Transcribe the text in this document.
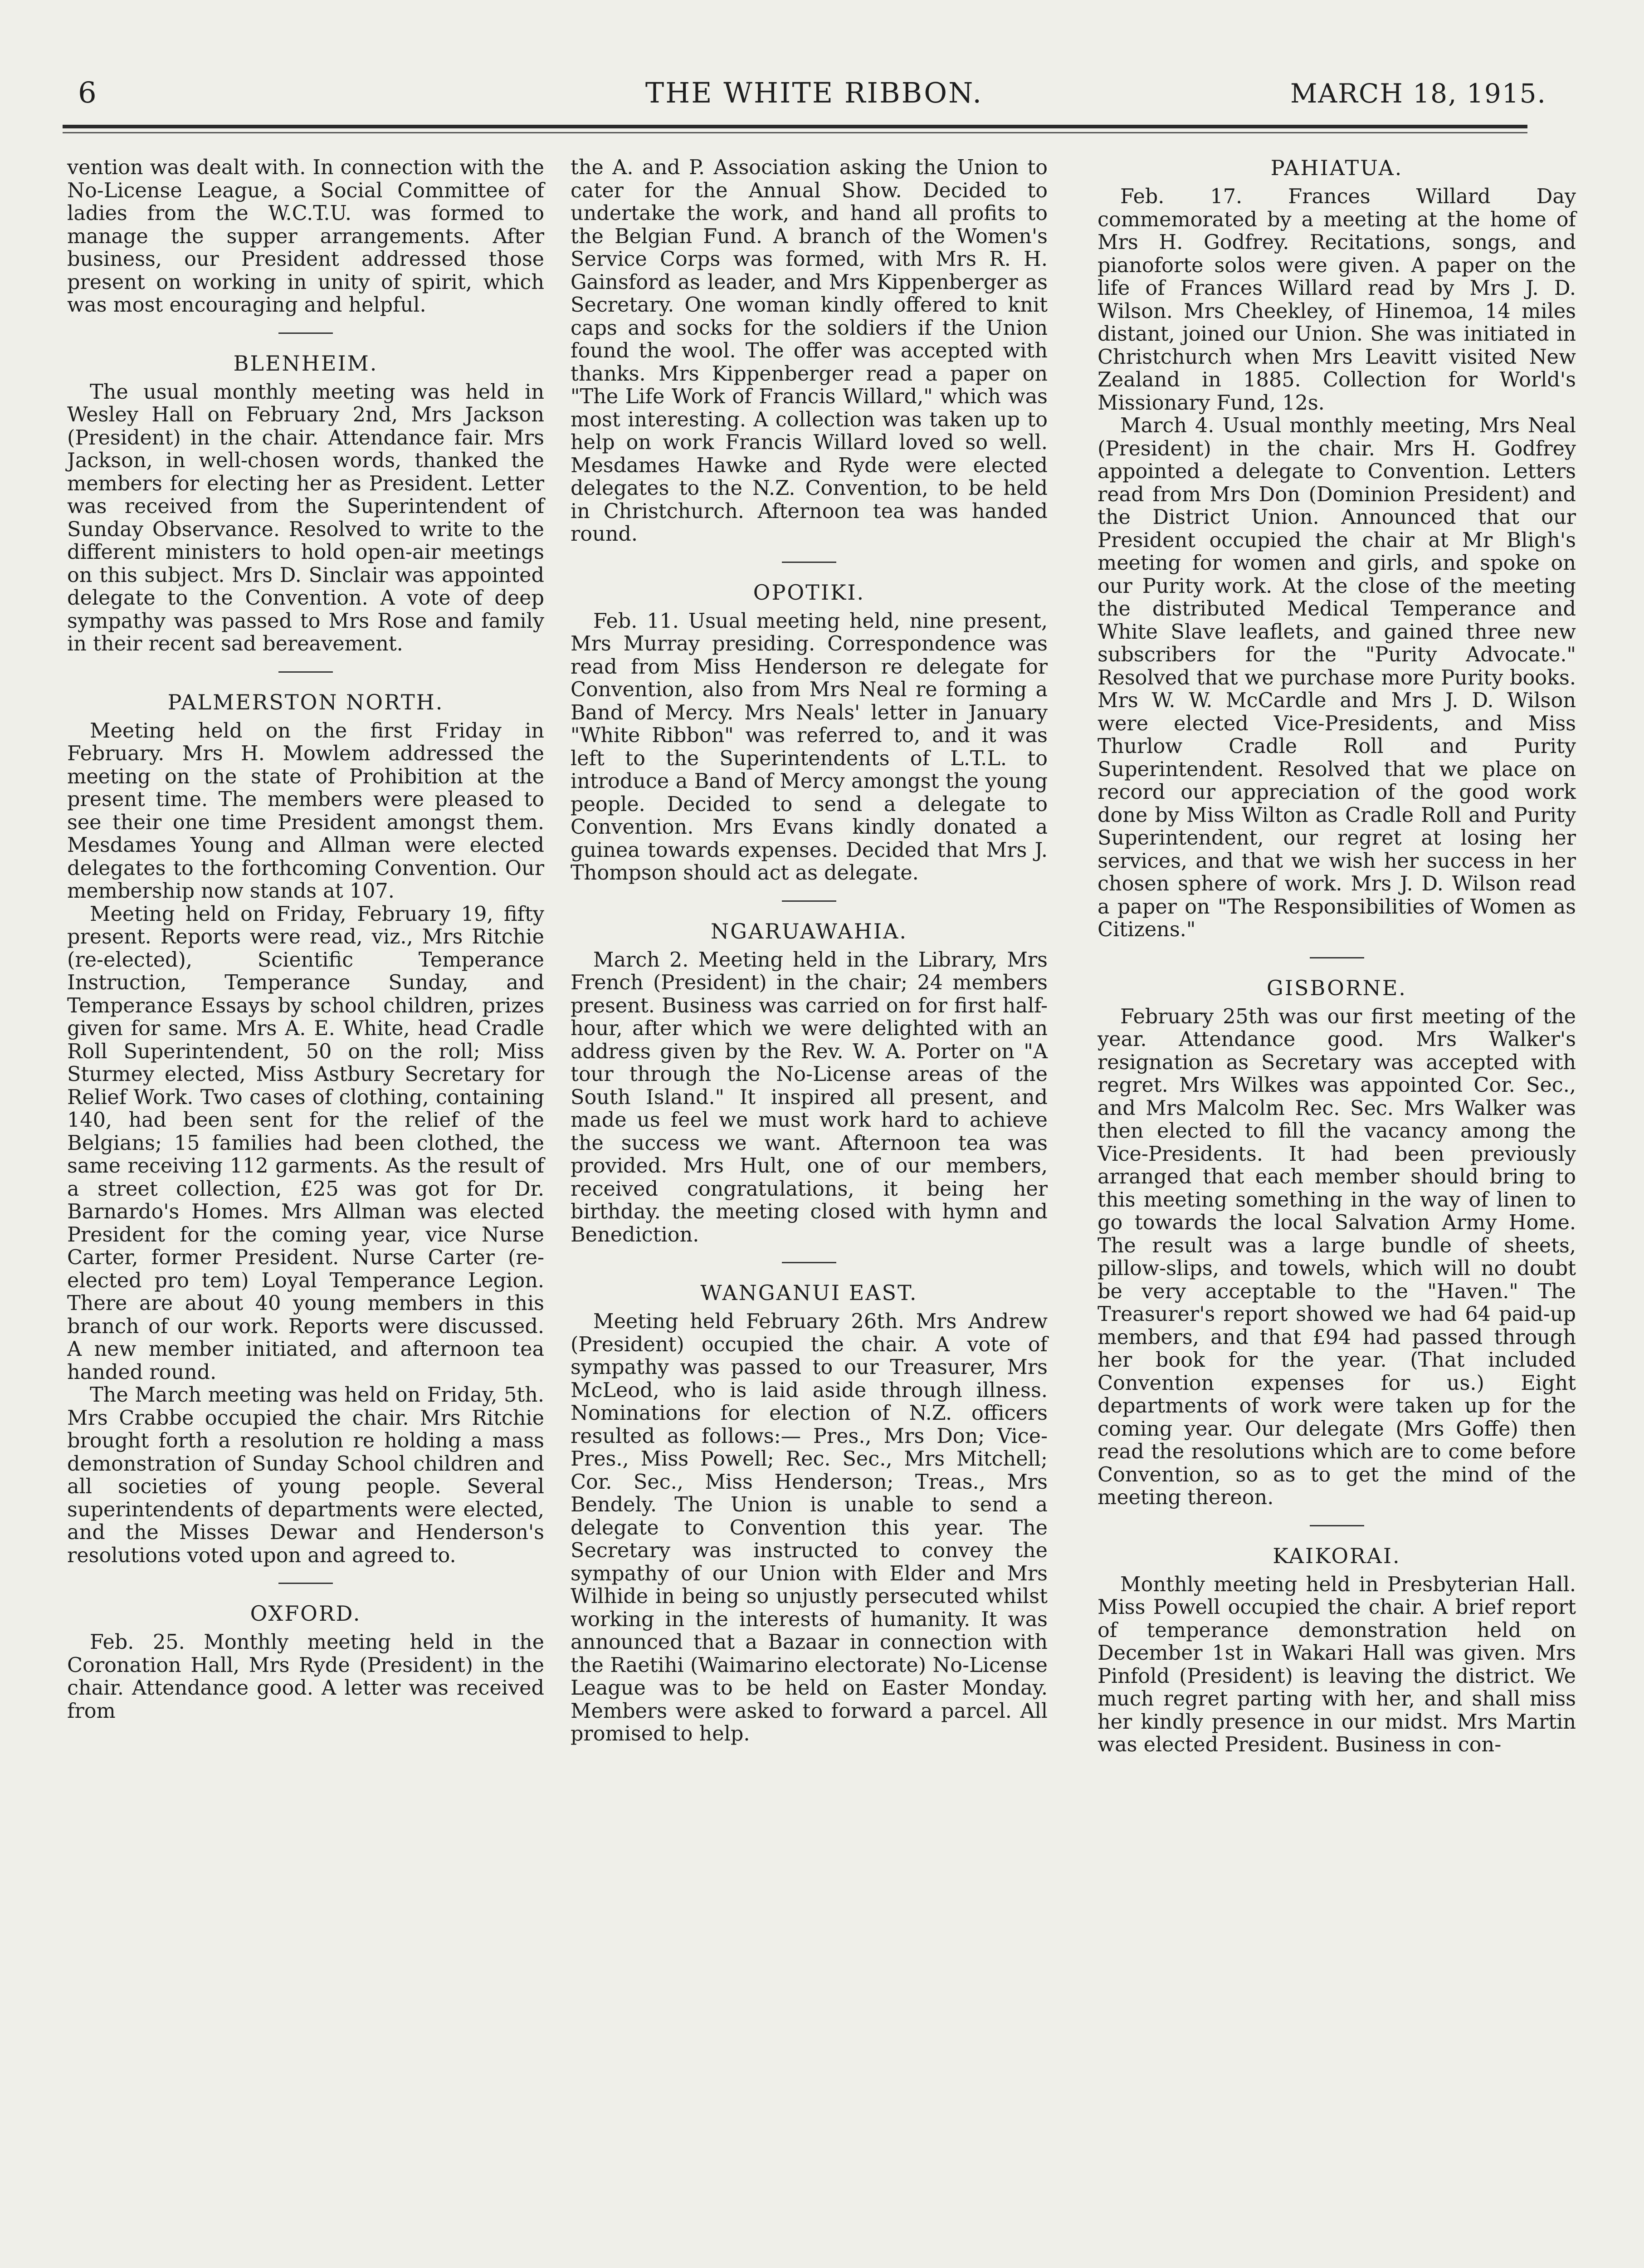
6	THE WHITE RIBBON.	MARCH 18, 1915.

vention was dealt with. In connection with the No-License League, a Social Committee of ladies from the W.C.T.U. was formed to manage the supper arrangements. After business, our President addressed those present on working in unity of spirit, which was most encouraging and helpful.

BLENHEIM.

The usual monthly meeting was held in Wesley Hall on February 2nd, Mrs Jackson (President) in the chair. Attendance fair. Mrs Jackson, in well-chosen words, thanked the members for electing her as President. Letter was received from the Superintendent of Sunday Observance. Resolved to write to the different ministers to hold open-air meetings on this subject. Mrs D. Sinclair was appointed delegate to the Convention. A vote of deep sympathy was passed to Mrs Rose and family in their recent sad bereavement.

PALMERSTON NORTH.

Meeting held on the first Friday in February. Mrs H. Mowlem addressed the meeting on the state of Prohibition at the present time. The members were pleased to see their one time President amongst them. Mesdames Young and Allman were elected delegates to the forthcoming Convention. Our membership now stands at 107.

Meeting held on Friday, February 19, fifty present. Reports were read, viz., Mrs Ritchie (re-elected), Scientific Temperance Instruction, Temperance Sunday, and Temperance Essays by school children, prizes given for same. Mrs A. E. White, head Cradle Roll Superintendent, 50 on the roll; Miss Sturmey elected, Miss Astbury Secretary for Relief Work. Two cases of clothing, containing 140, had been sent for the relief of the Belgians; 15 families had been clothed, the same receiving 112 garments. As the result of a street collection, £25 was got for Dr. Barnardo's Homes. Mrs Allman was elected President for the coming year, vice Nurse Carter, former President. Nurse Carter (re-elected pro tem) Loyal Temperance Legion. There are about 40 young members in this branch of our work. Reports were discussed. A new member initiated, and afternoon tea handed round.

The March meeting was held on Friday, 5th. Mrs Crabbe occupied the chair. Mrs Ritchie brought forth a resolution re holding a mass demonstration of Sunday School children and all societies of young people. Several superintendents of departments were elected, and the Misses Dewar and Henderson's resolutions voted upon and agreed to.

OXFORD.

Feb. 25. Monthly meeting held in the Coronation Hall, Mrs Ryde (President) in the chair. Attendance good. A letter was received from

the A. and P. Association asking the Union to cater for the Annual Show. Decided to undertake the work, and hand all profits to the Belgian Fund. A branch of the Women's Service Corps was formed, with Mrs R. H. Gainsford as leader, and Mrs Kippenberger as Secretary. One woman kindly offered to knit caps and socks for the soldiers if the Union found the wool. The offer was accepted with thanks. Mrs Kippenberger read a paper on "The Life Work of Francis Willard," which was most interesting. A collection was taken up to help on work Francis Willard loved so well. Mesdames Hawke and Ryde were elected delegates to the N.Z. Convention, to be held in Christchurch. Afternoon tea was handed round.

OPOTIKI.

Feb. 11. Usual meeting held, nine present, Mrs Murray presiding. Correspondence was read from Miss Henderson re delegate for Convention, also from Mrs Neal re forming a Band of Mercy. Mrs Neals' letter in January "White Ribbon" was referred to, and it was left to the Superintendents of L.T.L. to introduce a Band of Mercy amongst the young people. Decided to send a delegate to Convention. Mrs Evans kindly donated a guinea towards expenses. Decided that Mrs J. Thompson should act as delegate.

NGARUAWAHIA.

March 2. Meeting held in the Library, Mrs French (President) in the chair; 24 members present. Business was carried on for first half-hour, after which we were delighted with an address given by the Rev. W. A. Porter on "A tour through the No-License areas of the South Island." It inspired all present, and made us feel we must work hard to achieve the success we want. Afternoon tea was provided. Mrs Hult, one of our members, received congratulations, it being her birthday. the meeting closed with hymn and Benediction.

WANGANUI EAST.

Meeting held February 26th. Mrs Andrew (President) occupied the chair. A vote of sympathy was passed to our Treasurer, Mrs McLeod, who is laid aside through illness. Nominations for election of N.Z. officers resulted as follows:— Pres., Mrs Don; Vice-Pres., Miss Powell; Rec. Sec., Mrs Mitchell; Cor. Sec., Miss Henderson; Treas., Mrs Bendely. The Union is unable to send a delegate to Convention this year. The Secretary was instructed to convey the sympathy of our Union with Elder and Mrs Wilhide in being so unjustly persecuted whilst working in the interests of humanity. It was announced that a Bazaar in connection with the Raetihi (Waimarino electorate) No-License League was to be held on Easter Monday. Members were asked to forward a parcel. All promised to help.

PAHIATUA.

Feb. 17. Frances Willard Day commemorated by a meeting at the home of Mrs H. Godfrey. Recitations, songs, and pianoforte solos were given. A paper on the life of Frances Willard read by Mrs J. D. Wilson. Mrs Cheekley, of Hinemoa, 14 miles distant, joined our Union. She was initiated in Christchurch when Mrs Leavitt visited New Zealand in 1885. Collection for World's Missionary Fund, 12s.

March 4. Usual monthly meeting, Mrs Neal (President) in the chair. Mrs H. Godfrey appointed a delegate to Convention. Letters read from Mrs Don (Dominion President) and the District Union. Announced that our President occupied the chair at Mr Bligh's meeting for women and girls, and spoke on our Purity work. At the close of the meeting the distributed Medical Temperance and White Slave leaflets, and gained three new subscribers for the "Purity Advocate." Resolved that we purchase more Purity books. Mrs W. W. McCardle and Mrs J. D. Wilson were elected Vice-Presidents, and Miss Thurlow Cradle Roll and Purity Superintendent. Resolved that we place on record our appreciation of the good work done by Miss Wilton as Cradle Roll and Purity Superintendent, our regret at losing her services, and that we wish her success in her chosen sphere of work. Mrs J. D. Wilson read a paper on "The Responsibilities of Women as Citizens."

GISBORNE.

February 25th was our first meeting of the year. Attendance good. Mrs Walker's resignation as Secretary was accepted with regret. Mrs Wilkes was appointed Cor. Sec., and Mrs Malcolm Rec. Sec. Mrs Walker was then elected to fill the vacancy among the Vice-Presidents. It had been previously arranged that each member should bring to this meeting something in the way of linen to go towards the local Salvation Army Home. The result was a large bundle of sheets, pillow-slips, and towels, which will no doubt be very acceptable to the "Haven." The Treasurer's report showed we had 64 paid-up members, and that £94 had passed through her book for the year. (That included Convention expenses for us.) Eight departments of work were taken up for the coming year. Our delegate (Mrs Goffe) then read the resolutions which are to come before Convention, so as to get the mind of the meeting thereon.

KAIKORAI.

Monthly meeting held in Presbyterian Hall. Miss Powell occupied the chair. A brief report of temperance demonstration held on December 1st in Wakari Hall was given. Mrs Pinfold (President) is leaving the district. We much regret parting with her, and shall miss her kindly presence in our midst. Mrs Martin was elected President. Business in con-
